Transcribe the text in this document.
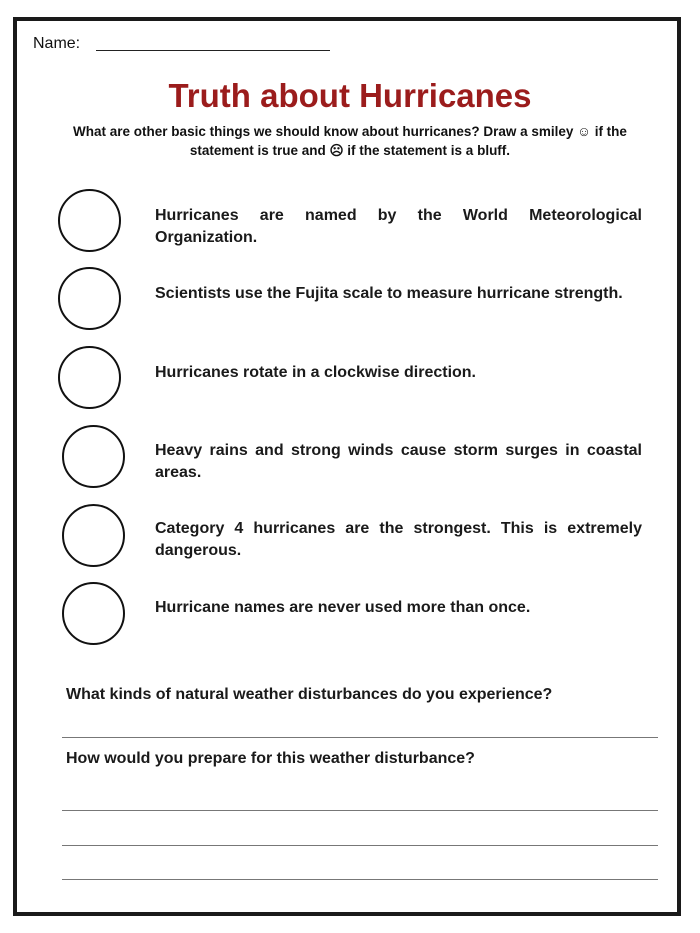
Name:
Truth about Hurricanes
What are other basic things we should know about hurricanes? Draw a smiley ☺ if the statement is true and ☹ if the statement is a bluff.
Hurricanes are named by the World Meteorological Organization.
Scientists use the Fujita scale to measure hurricane strength.
Hurricanes rotate in a clockwise direction.
Heavy rains and strong winds cause storm surges in coastal areas.
Category 4 hurricanes are the strongest. This is extremely dangerous.
Hurricane names are never used more than once.
What kinds of natural weather disturbances do you experience?
How would you prepare for this weather disturbance?
